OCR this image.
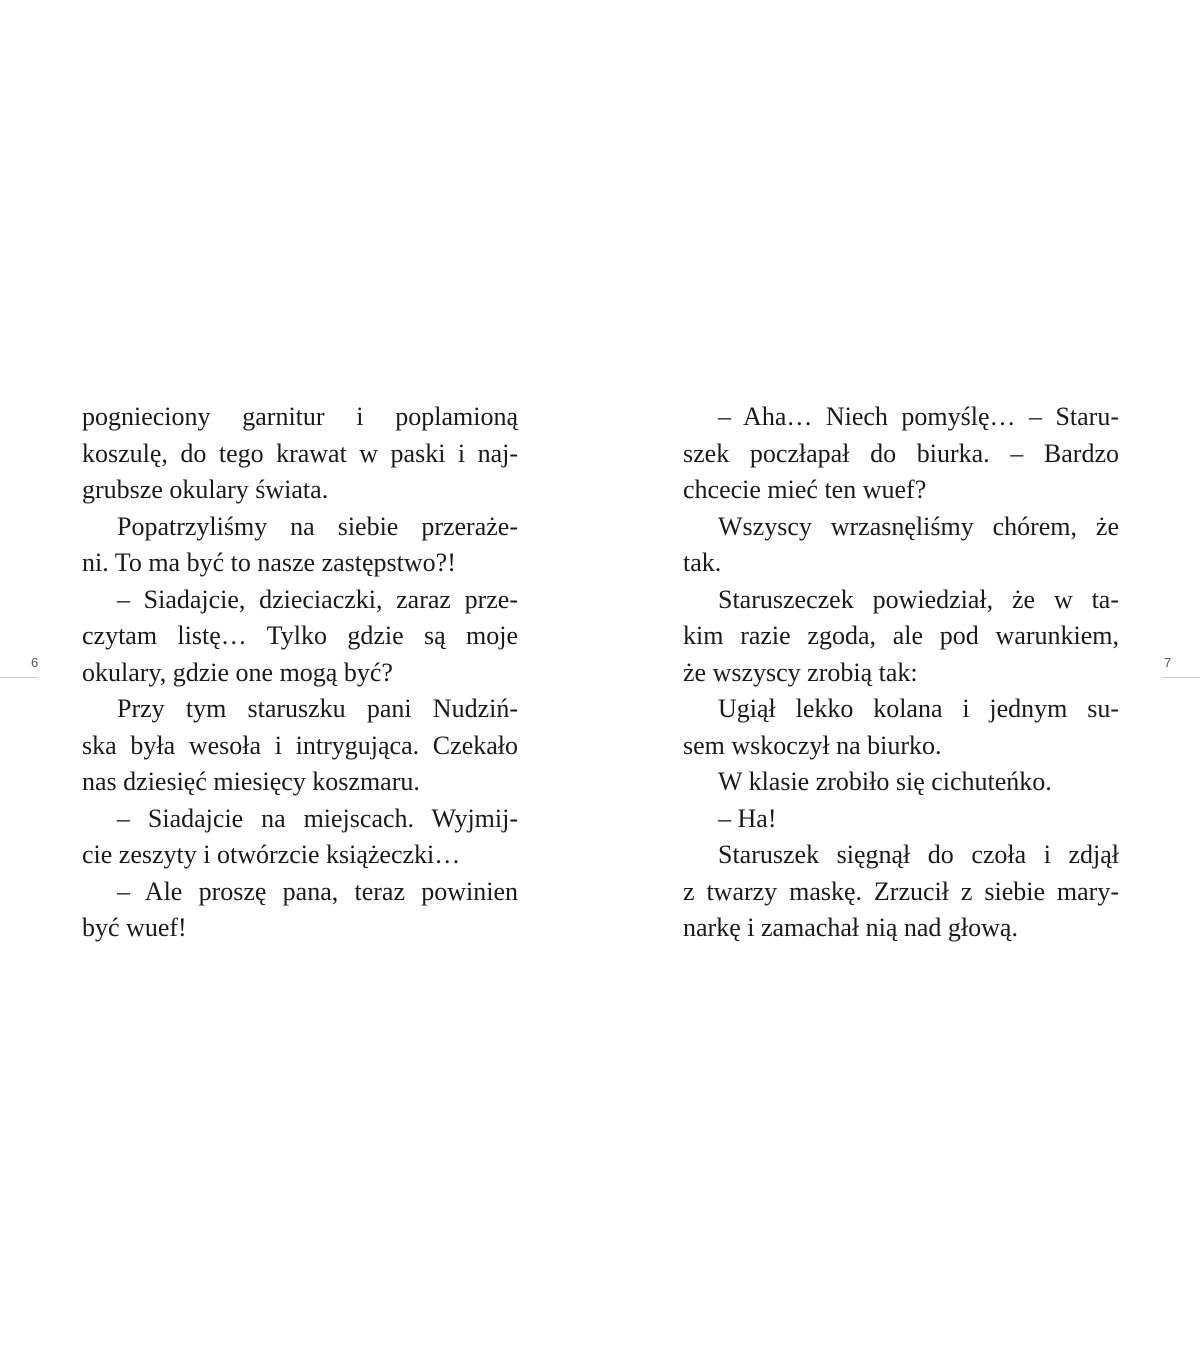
6
pognieciony garnitur i poplamioną
koszulę, do tego krawat w paski i naj-
grubsze okulary świata.
Popatrzyliśmy na siebie przeraże-
ni. To ma być to nasze zastępstwo?!
– Siadajcie, dzieciaczki, zaraz prze-
czytam listę… Tylko gdzie są moje
okulary, gdzie one mogą być?
Przy tym staruszku pani Nudziń-
ska była wesoła i intrygująca. Czekało
nas dziesięć miesięcy koszmaru.
– Siadajcie na miejscach. Wyjmij-
cie zeszyty i otwórzcie książeczki…
– Ale proszę pana, teraz powinien
być wuef!
7
– Aha… Niech pomyślę… – Staru-
szek poczłapał do biurka. – Bardzo
chcecie mieć ten wuef?
Wszyscy wrzasnęliśmy chórem, że
tak.
Staruszeczek powiedział, że w ta-
kim razie zgoda, ale pod warunkiem,
że wszyscy zrobią tak:
Ugiął lekko kolana i jednym su-
sem wskoczył na biurko.
W klasie zrobiło się cichuteńko.
– Ha!
Staruszek sięgnął do czoła i zdjął
z twarzy maskę. Zrzucił z siebie mary-
narkę i zamachał nią nad głową.
